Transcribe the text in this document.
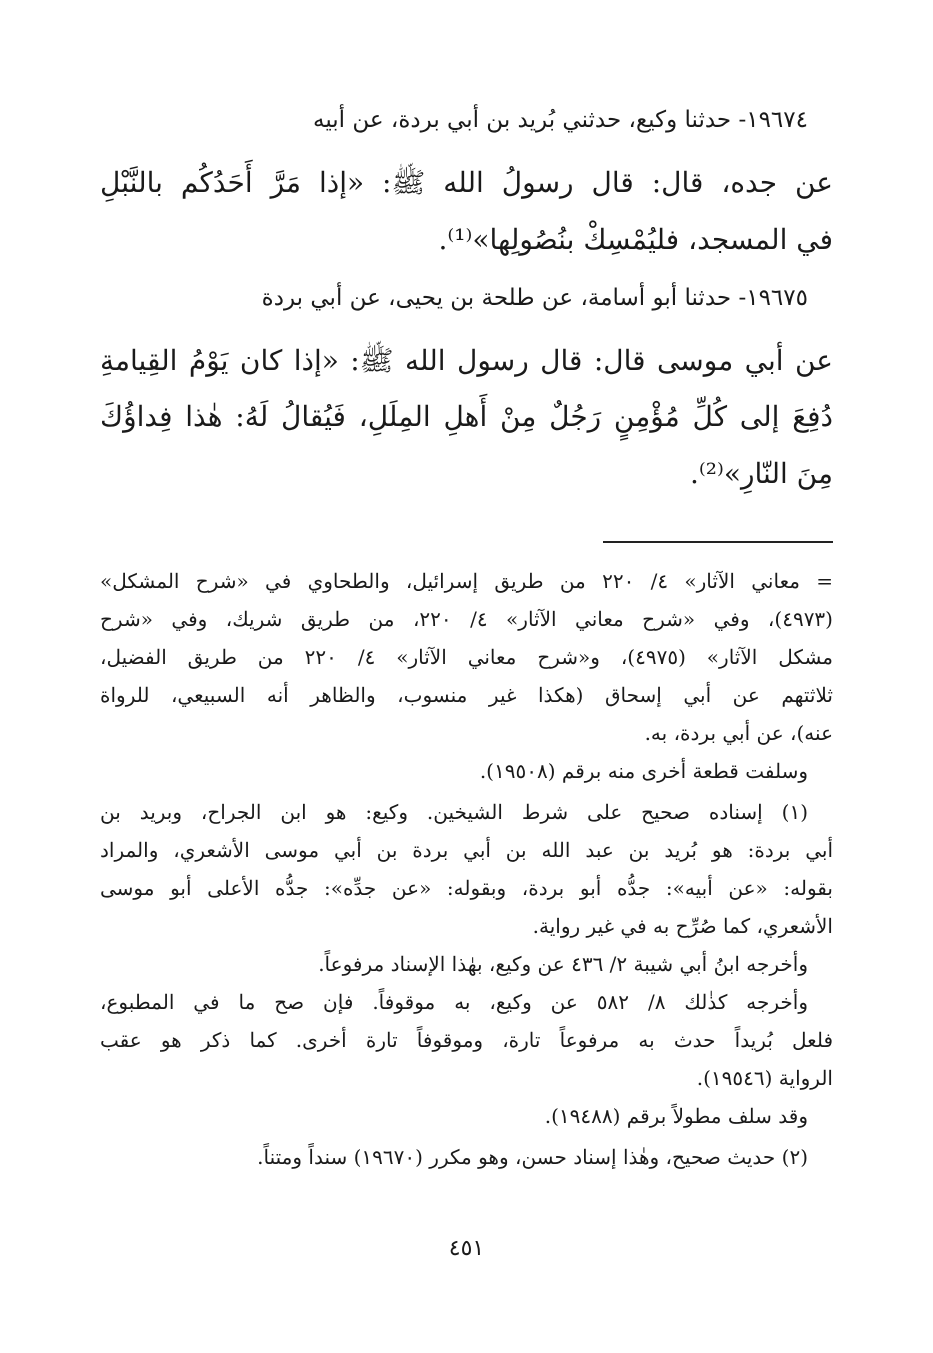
١٩٦٧٤- حدثنا وكيع، حدثني بُريد بن أبي بردة، عن أبيه

عن جده، قال: قال رسولُ الله ﷺ: «إذا مَرَّ أَحَدُكُم بالنَّبْلِ

في المسجد، فليُمْسِكْ بنُصُولِها»⁽¹⁾.

١٩٦٧٥- حدثنا أبو أسامة، عن طلحة بن يحيى، عن أبي بردة

عن أبي موسى قال: قال رسول الله ﷺ: «إذا كان يَوْمُ القِيامةِ

دُفِعَ إلى كُلِّ مُؤْمِنٍ رَجُلٌ مِنْ أَهلِ المِلَلِ، فَيُقالُ لَهُ: هٰذا فِداؤُكَ

مِنَ النّارِ»⁽²⁾.

= معاني الآثار» ٤/ ٢٢٠ من طريق إسرائيل، والطحاوي في «شرح المشكل»

(٤٩٧٣)، وفي «شرح معاني الآثار» ٤/ ٢٢٠، من طريق شريك، وفي «شرح

مشكل الآثار» (٤٩٧٥)، و«شرح معاني الآثار» ٤/ ٢٢٠ من طريق الفضيل،

ثلاثتهم عن أبي إسحاق (هكذا غير منسوب، والظاهر أنه السبيعي، للرواة

عنه)، عن أبي بردة، به.

وسلفت قطعة أخرى منه برقم (١٩٥٠٨).

(١) إسناده صحيح على شرط الشيخين. وكيع: هو ابن الجراح، وبريد بن

أبي بردة: هو بُريد بن عبد الله بن أبي بردة بن أبي موسى الأشعري، والمراد

بقوله: «عن أبيه»: جدُّه أبو بردة، وبقوله: «عن جدِّه»: جدُّه الأعلى أبو موسى

الأشعري، كما صُرِّح به في غير رواية.

وأخرجه ابنُ أبي شيبة ٢/ ٤٣٦ عن وكيع، بهٰذا الإسناد مرفوعاً.

وأخرجه كذٰلك ٨/ ٥٨٢ عن وكيع، به موقوفاً. فإن صح ما في المطبوع،

فلعل بُريداً حدث به مرفوعاً تارة، وموقوفاً تارة أخرى. كما ذكر هو عقب

الرواية (١٩٥٤٦).

وقد سلف مطولاً برقم (١٩٤٨٨).

(٢) حديث صحيح، وهٰذا إسناد حسن، وهو مكرر (١٩٦٧٠) سنداً ومتناً.

٤٥١
